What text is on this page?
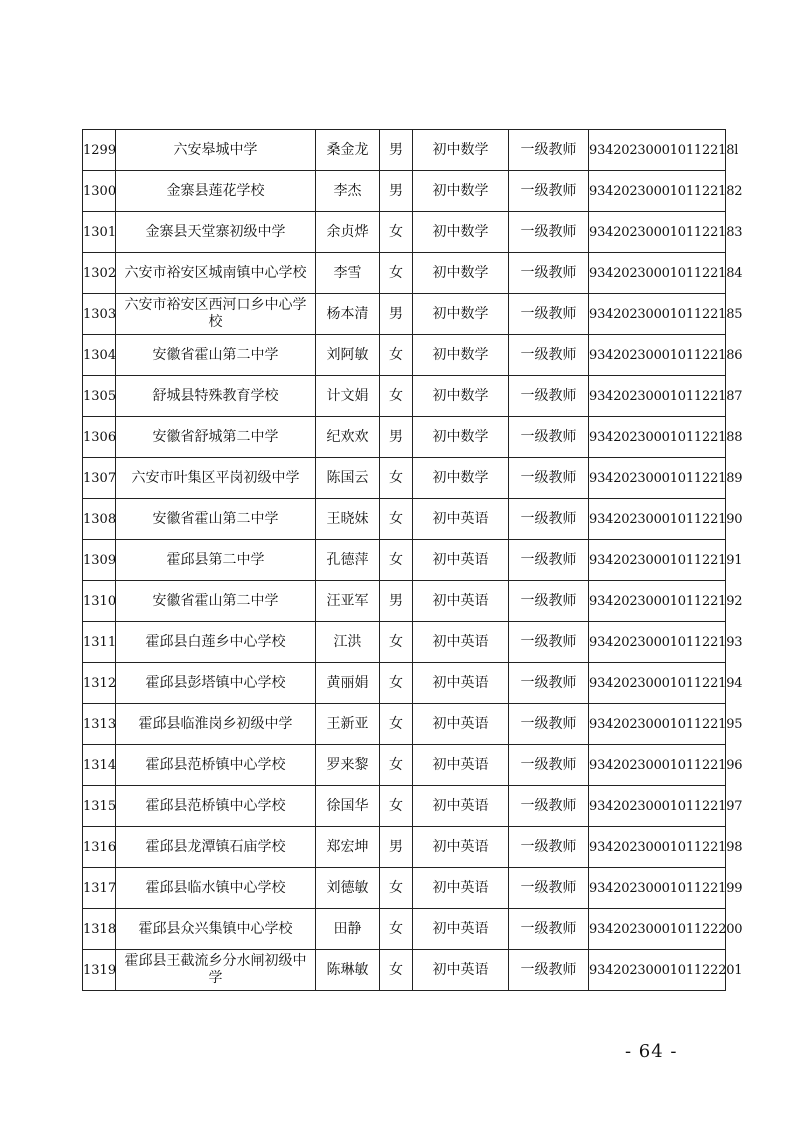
1299	六安皋城中学	桑金龙	男	初中数学	一级教师	934202300010112218l
1300	金寨县莲花学校	李杰	男	初中数学	一级教师	9342023000101122182
1301	金寨县天堂寨初级中学	余贞烨	女	初中数学	一级教师	9342023000101122183
1302	六安市裕安区城南镇中心学校	李雪	女	初中数学	一级教师	9342023000101122184
1303	六安市裕安区西河口乡中心学校	杨本清	男	初中数学	一级教师	9342023000101122185
1304	安徽省霍山第二中学	刘阿敏	女	初中数学	一级教师	9342023000101122186
1305	舒城县特殊教育学校	计文娟	女	初中数学	一级教师	9342023000101122187
1306	安徽省舒城第二中学	纪欢欢	男	初中数学	一级教师	9342023000101122188
1307	六安市叶集区平岗初级中学	陈国云	女	初中数学	一级教师	9342023000101122189
1308	安徽省霍山第二中学	王晓妹	女	初中英语	一级教师	9342023000101122190
1309	霍邱县第二中学	孔德萍	女	初中英语	一级教师	9342023000101122191
1310	安徽省霍山第二中学	汪亚军	男	初中英语	一级教师	9342023000101122192
1311	霍邱县白莲乡中心学校	江洪	女	初中英语	一级教师	9342023000101122193
1312	霍邱县彭塔镇中心学校	黄丽娟	女	初中英语	一级教师	9342023000101122194
1313	霍邱县临淮岗乡初级中学	王新亚	女	初中英语	一级教师	9342023000101122195
1314	霍邱县范桥镇中心学校	罗来黎	女	初中英语	一级教师	9342023000101122196
1315	霍邱县范桥镇中心学校	徐国华	女	初中英语	一级教师	9342023000101122197
1316	霍邱县龙潭镇石庙学校	郑宏坤	男	初中英语	一级教师	9342023000101122198
1317	霍邱县临水镇中心学校	刘德敏	女	初中英语	一级教师	9342023000101122199
1318	霍邱县众兴集镇中心学校	田静	女	初中英语	一级教师	9342023000101122200
1319	霍邱县王截流乡分水闸初级中学	陈琳敏	女	初中英语	一级教师	9342023000101122201
- 64 -
